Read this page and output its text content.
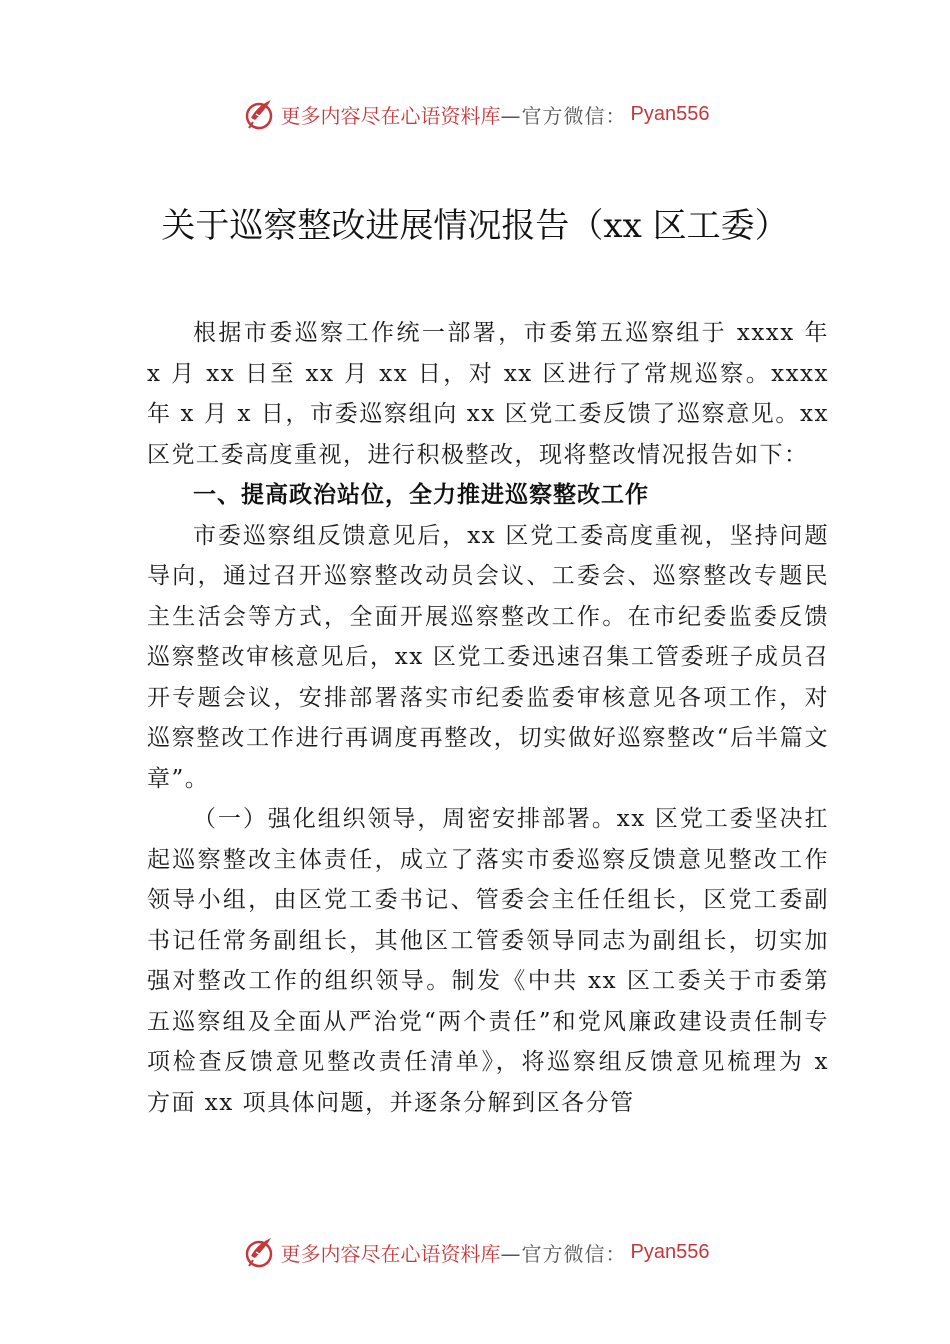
更多内容尽在心语资料库 —官方微信： Pyan556
关于巡察整改进展情况报告（xx 区工委）

根据市委巡察工作统一部署，市委第五巡察组于 xxxx 年 x 月 xx 日至 xx 月 xx 日，对 xx 区进行了常规巡察。xxxx 年 x 月 x 日，市委巡察组向 xx 区党工委反馈了巡察意见。xx 区党工委高度重视，进行积极整改，现将整改情况报告如下：

一、提高政治站位，全力推进巡察整改工作

市委巡察组反馈意见后，xx 区党工委高度重视，坚持问题导向，通过召开巡察整改动员会议、工委会、巡察整改专题民主生活会等方式，全面开展巡察整改工作。在市纪委监委反馈巡察整改审核意见后，xx 区党工委迅速召集工管委班子成员召开专题会议，安排部署落实市纪委监委审核意见各项工作，对巡察整改工作进行再调度再整改，切实做好巡察整改“后半篇文章”。

（一）强化组织领导，周密安排部署。xx 区党工委坚决扛起巡察整改主体责任，成立了落实市委巡察反馈意见整改工作领导小组，由区党工委书记、管委会主任任组长，区党工委副书记任常务副组长，其他区工管委领导同志为副组长，切实加强对整改工作的组织领导。制发《中共 xx 区工委关于市委第五巡察组及全面从严治党“两个责任”和党风廉政建设责任制专项检查反馈意见整改责任清单》，将巡察组反馈意见梳理为 x 方面 xx 项具体问题，并逐条分解到区各分管

更多内容尽在心语资料库 —官方微信： Pyan556
